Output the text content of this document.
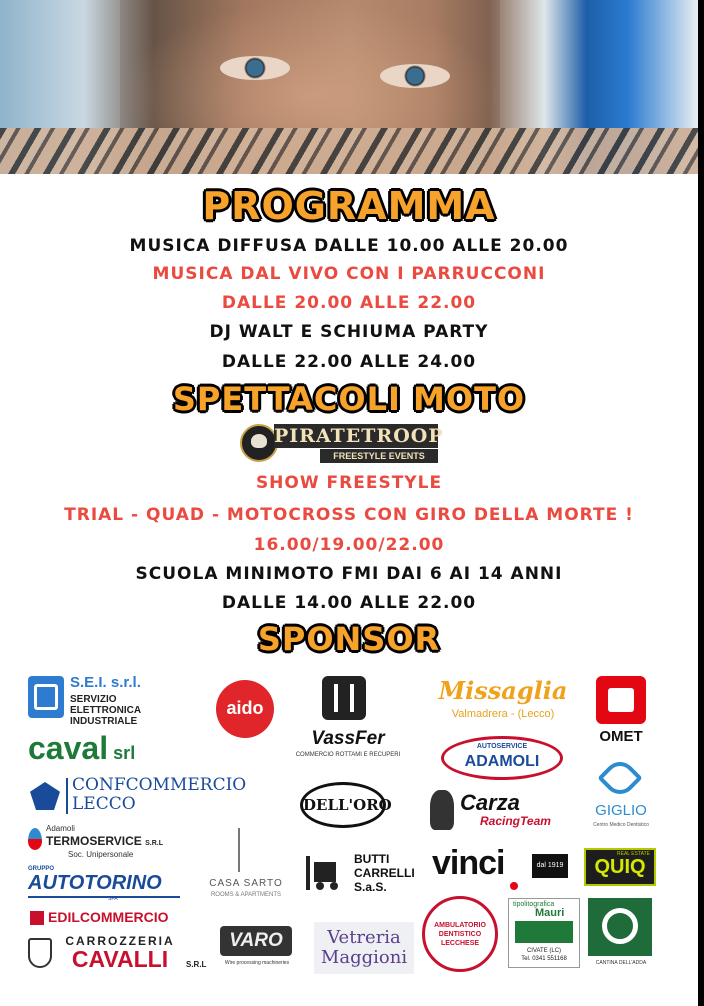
PROGRAMMA
MUSICA DIFFUSA DALLE 10.00 ALLE 20.00
MUSICA DAL VIVO CON I PARRUCCONI
DALLE 20.00 ALLE 22.00
DJ WALT E SCHIUMA PARTY
DALLE 22.00 ALLE 24.00
SPETTACOLI MOTO
PIRATETROOP
FREESTYLE EVENTS
SHOW FREESTYLE
TRIAL - QUAD - MOTOCROSS CON GIRO DELLA MORTE !
16.00/19.00/22.00
SCUOLA MINIMOTO FMI DAI 6 AI 14 ANNI
DALLE 14.00 ALLE 22.00
SPONSOR
S.E.I. s.r.l.
SERVIZIO
ELETTRONICA
INDUSTRIALE
aido
VassFer
COMMERCIO ROTTAMI E RECUPERI
Missaglia
Valmadrera - (Lecco)
OMET
caval srl
CONFCOMMERCIO
LECCO
AUTOSERVICE
ADAMOLI
GIGLIO
Centro Medico Dentistico
DELL'ORO	Carza
RacingTeam
Adamoli
TERMOSERVICE S.R.L
Soc. Unipersonale
CASA SARTO
ROOMS & APARTMENTS
BUTTI
CARRELLI
S.a.S.
vinci	dal 1919
REAL ESTATE
QUIQ
GRUPPO
AUTOTORINO
SPA
EDILCOMMERCIO
CARROZZERIA
CAVALLI	S.R.L
VARO
Wire processing machineries
Vetreria
Maggioni
AMBULATORIO
DENTISTICO
LECCHESE
tipolitografica
Mauri
CIVATE (LC)
Tel. 0341 551168
CANTINA DELL'ADDA
